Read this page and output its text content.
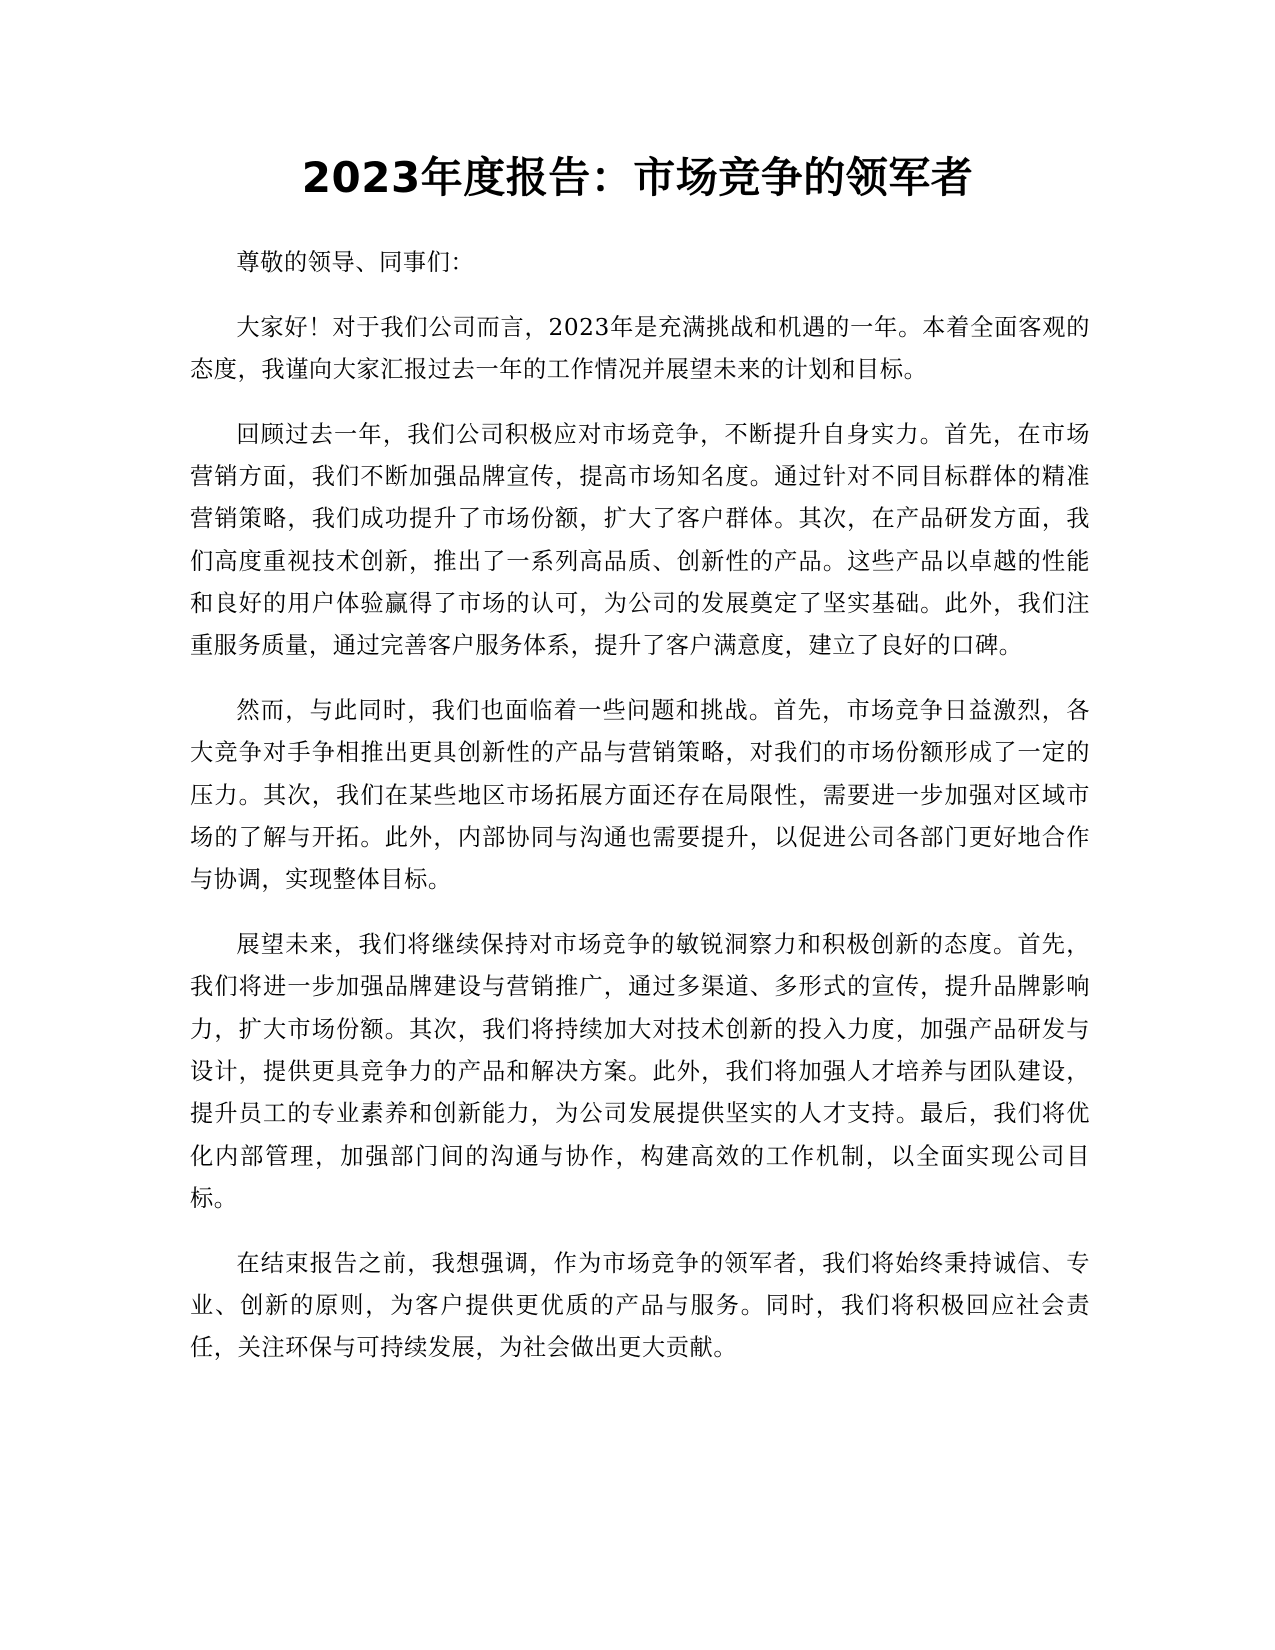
2023年度报告：市场竞争的领军者

尊敬的领导、同事们：

大家好！对于我们公司而言，2023年是充满挑战和机遇的一年。本着全面客观的态度，我谨向大家汇报过去一年的工作情况并展望未来的计划和目标。

回顾过去一年，我们公司积极应对市场竞争，不断提升自身实力。首先，在市场营销方面，我们不断加强品牌宣传，提高市场知名度。通过针对不同目标群体的精准营销策略，我们成功提升了市场份额，扩大了客户群体。其次，在产品研发方面，我们高度重视技术创新，推出了一系列高品质、创新性的产品。这些产品以卓越的性能和良好的用户体验赢得了市场的认可，为公司的发展奠定了坚实基础。此外，我们注重服务质量，通过完善客户服务体系，提升了客户满意度，建立了良好的口碑。

然而，与此同时，我们也面临着一些问题和挑战。首先，市场竞争日益激烈，各大竞争对手争相推出更具创新性的产品与营销策略，对我们的市场份额形成了一定的压力。其次，我们在某些地区市场拓展方面还存在局限性，需要进一步加强对区域市场的了解与开拓。此外，内部协同与沟通也需要提升，以促进公司各部门更好地合作与协调，实现整体目标。

展望未来，我们将继续保持对市场竞争的敏锐洞察力和积极创新的态度。首先，我们将进一步加强品牌建设与营销推广，通过多渠道、多形式的宣传，提升品牌影响力，扩大市场份额。其次，我们将持续加大对技术创新的投入力度，加强产品研发与设计，提供更具竞争力的产品和解决方案。此外，我们将加强人才培养与团队建设，提升员工的专业素养和创新能力，为公司发展提供坚实的人才支持。最后，我们将优化内部管理，加强部门间的沟通与协作，构建高效的工作机制，以全面实现公司目标。

在结束报告之前，我想强调，作为市场竞争的领军者，我们将始终秉持诚信、专业、创新的原则，为客户提供更优质的产品与服务。同时，我们将积极回应社会责任，关注环保与可持续发展，为社会做出更大贡献。
